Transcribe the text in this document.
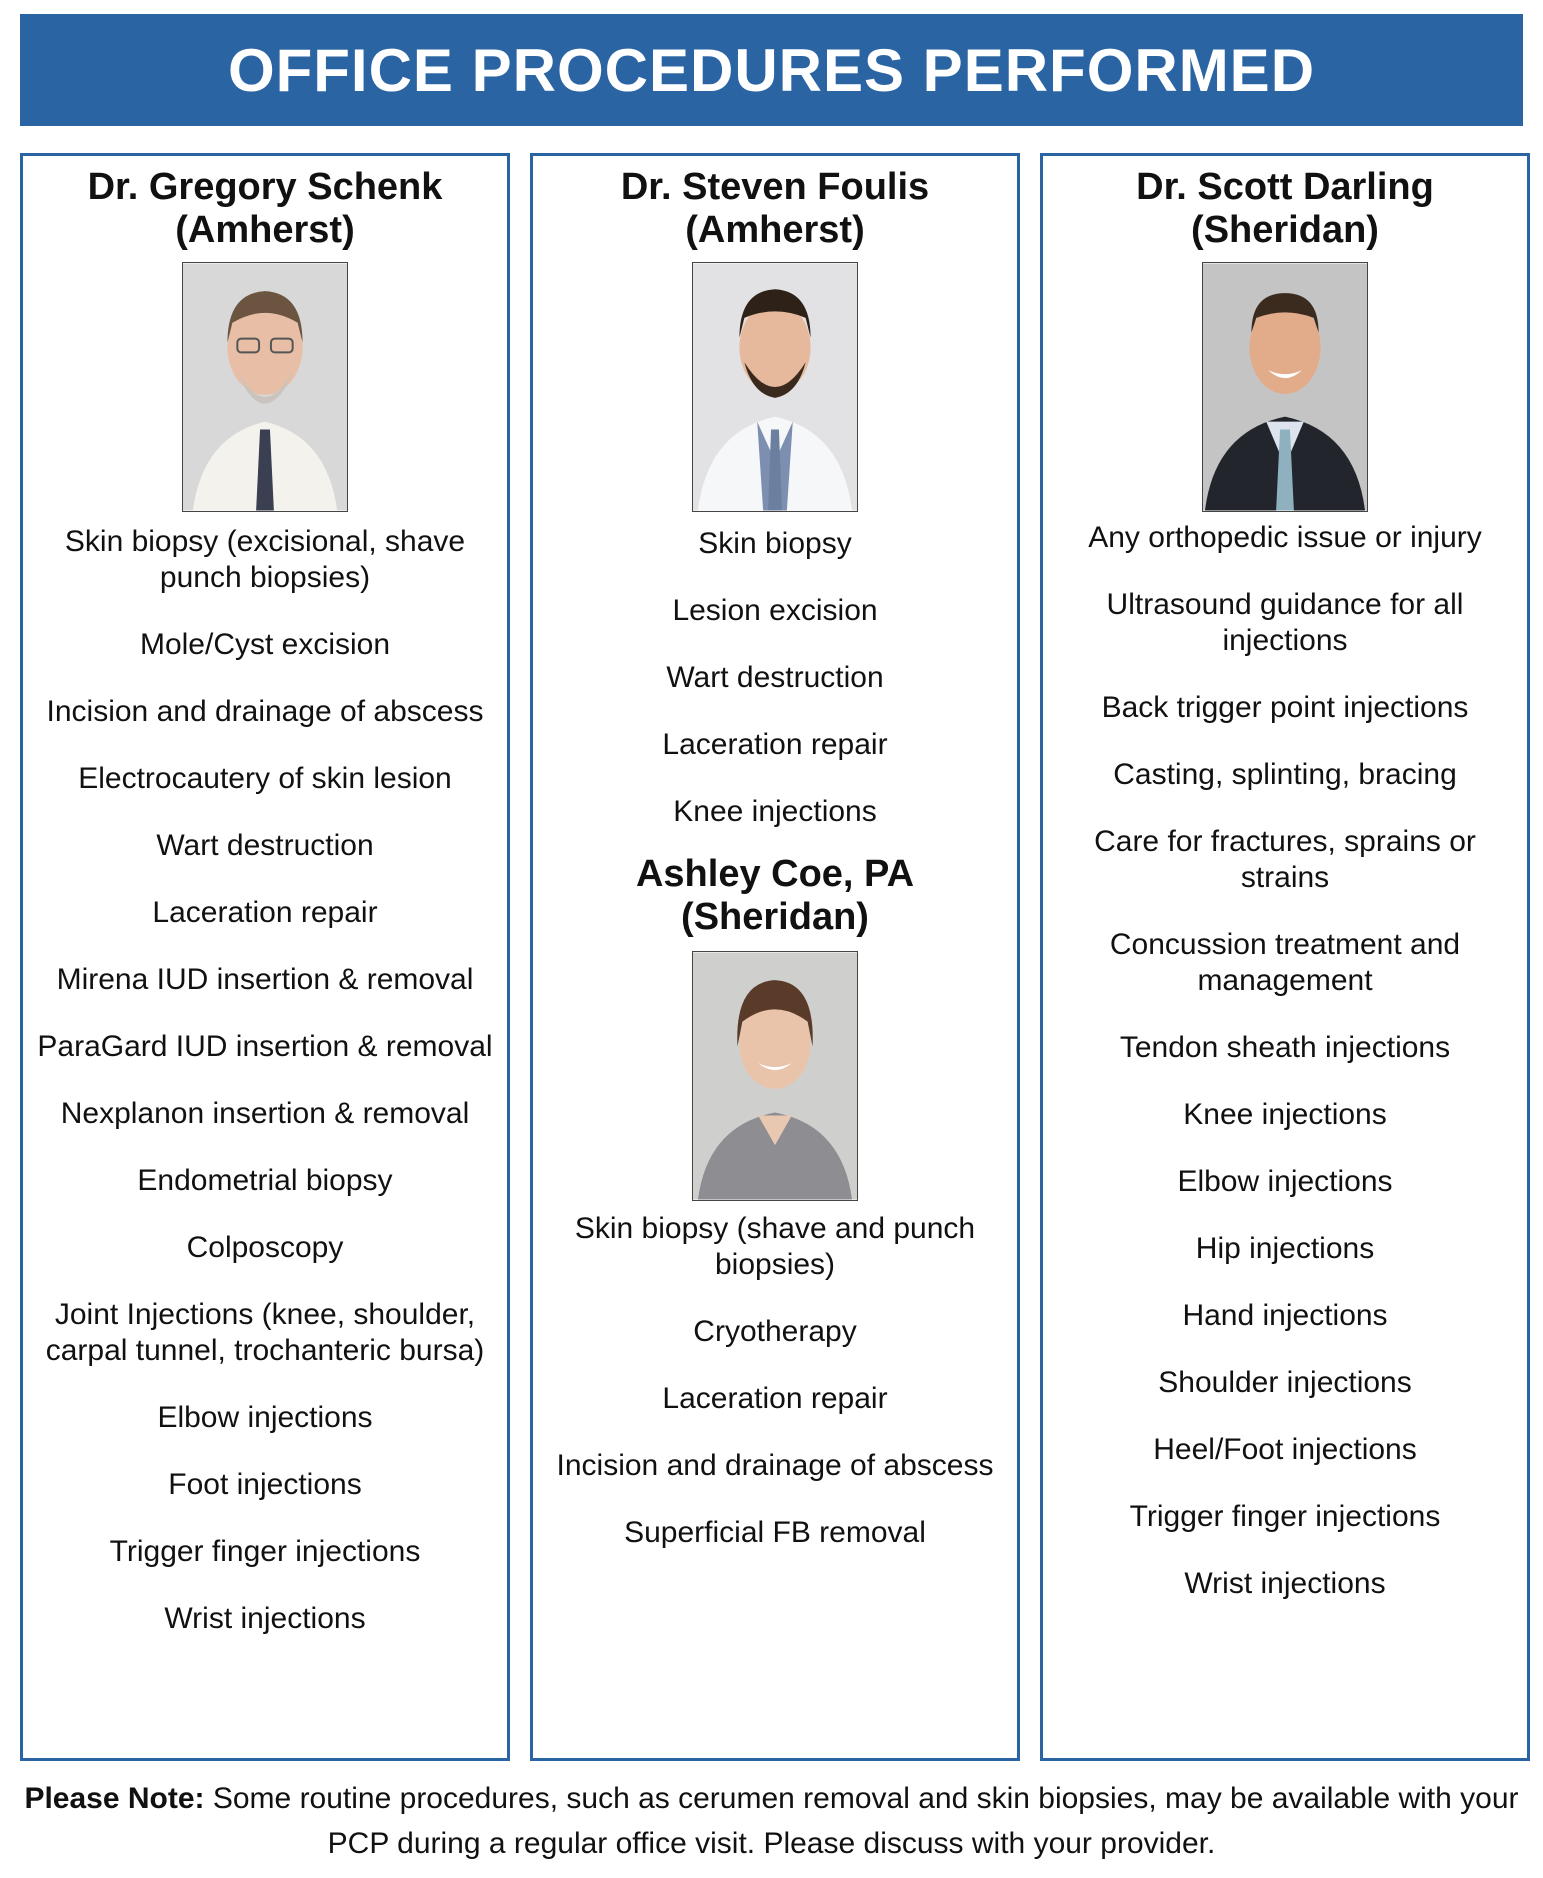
OFFICE PROCEDURES PERFORMED

Dr. Gregory Schenk

(Amherst)

Skin biopsy (excisional, shave punch biopsies)
Mole/Cyst excision
Incision and drainage of abscess
Electrocautery of skin lesion
Wart destruction
Laceration repair
Mirena IUD insertion & removal
ParaGard IUD insertion & removal
Nexplanon insertion & removal
Endometrial biopsy
Colposcopy
Joint Injections (knee, shoulder, carpal tunnel, trochanteric bursa)
Elbow injections
Foot injections
Trigger finger injections
Wrist injections

Dr. Steven Foulis

(Amherst)

Skin biopsy
Lesion excision
Wart destruction
Laceration repair
Knee injections

Ashley Coe, PA

(Sheridan)

Skin biopsy (shave and punch biopsies)
Cryotherapy
Laceration repair
Incision and drainage of abscess
Superficial FB removal

Dr. Scott Darling

(Sheridan)

Any orthopedic issue or injury
Ultrasound guidance for all injections
Back trigger point injections
Casting, splinting, bracing
Care for fractures, sprains or strains
Concussion treatment and management
Tendon sheath injections
Knee injections
Elbow injections
Hip injections
Hand injections
Shoulder injections
Heel/Foot injections
Trigger finger injections
Wrist injections
Please Note: Some routine procedures, such as cerumen removal and skin biopsies, may be available with your PCP during a regular office visit. Please discuss with your provider.
